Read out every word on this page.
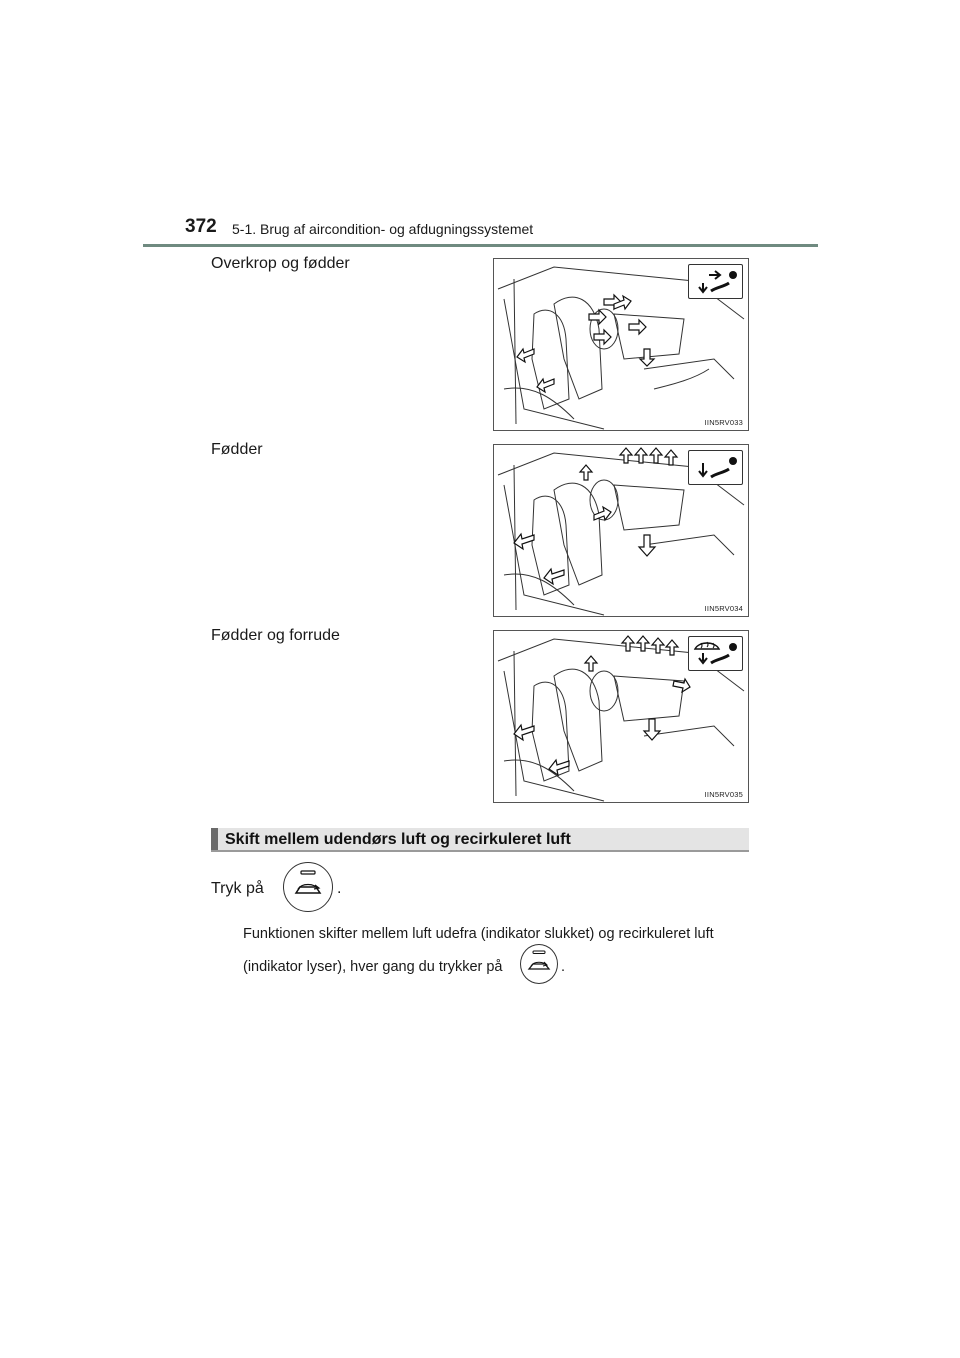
372 5-1. Brug af aircondition- og afdugningssystemet
Overkrop og fødder
IIN5RV033
Fødder
IIN5RV034
Fødder og forrude
IIN5RV035
Skift mellem udendørs luft og recirkuleret luft
Tryk på	.
Funktionen skifter mellem luft udefra (indikator slukket) og recirkuleret luft
(indikator lyser), hver gang du trykker på	.
